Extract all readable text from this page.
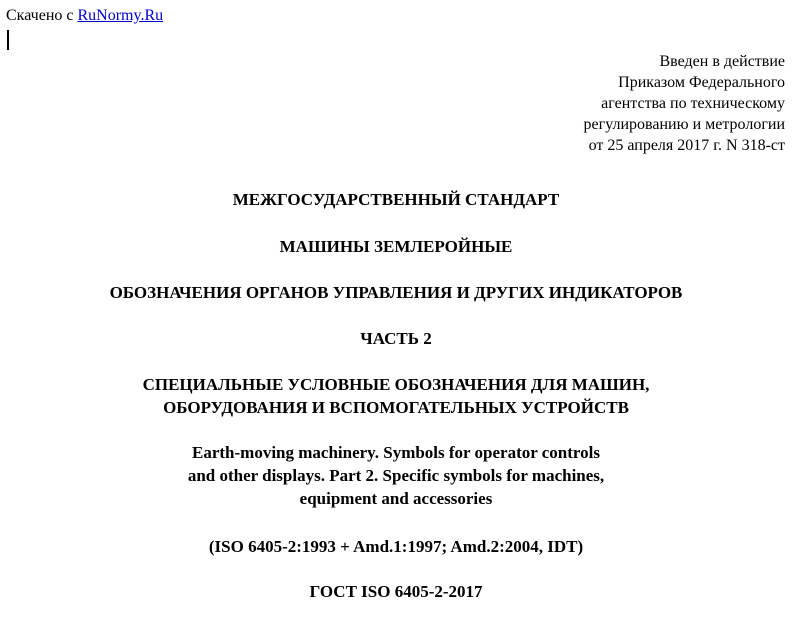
Скачено с RuNormy.Ru
Введен в действие
Приказом Федерального
агентства по техническому
регулированию и метрологии
от 25 апреля 2017 г. N 318-ст
МЕЖГОСУДАРСТВЕННЫЙ СТАНДАРТ
МАШИНЫ ЗЕМЛЕРОЙНЫЕ
ОБОЗНАЧЕНИЯ ОРГАНОВ УПРАВЛЕНИЯ И ДРУГИХ ИНДИКАТОРОВ
ЧАСТЬ 2
СПЕЦИАЛЬНЫЕ УСЛОВНЫЕ ОБОЗНАЧЕНИЯ ДЛЯ МАШИН,
ОБОРУДОВАНИЯ И ВСПОМОГАТЕЛЬНЫХ УСТРОЙСТВ
Earth-moving machinery. Symbols for operator controls
and other displays. Part 2. Specific symbols for machines,
equipment and accessories
(ISO 6405-2:1993 + Amd.1:1997; Amd.2:2004, IDT)
ГОСТ ISO 6405-2-2017
